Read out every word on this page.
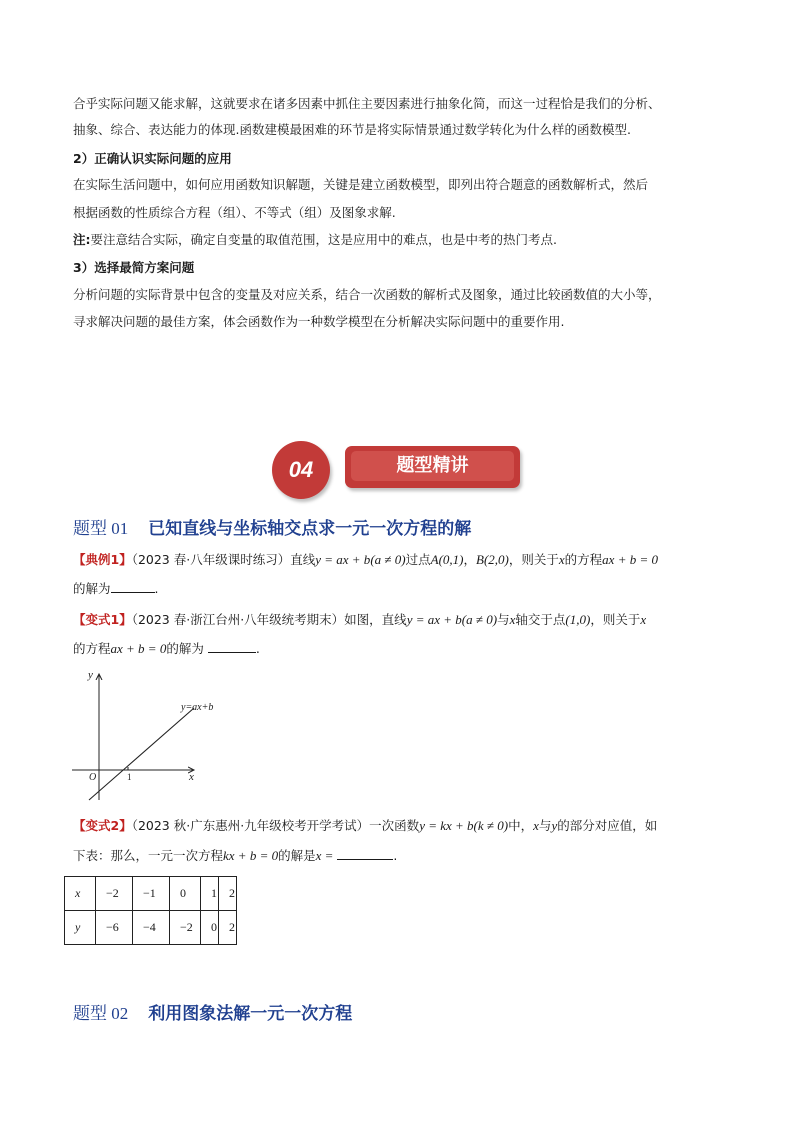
合乎实际问题又能求解，这就要求在诸多因素中抓住主要因素进行抽象化简，而这一过程恰是我们的分析、
抽象、综合、表达能力的体现.函数建模最困难的环节是将实际情景通过数学转化为什么样的函数模型.
2）正确认识实际问题的应用
在实际生活问题中，如何应用函数知识解题，关键是建立函数模型，即列出符合题意的函数解析式，然后
根据函数的性质综合方程（组）、不等式（组）及图象求解.
注:要注意结合实际，确定自变量的取值范围，这是应用中的难点，也是中考的热门考点.
3）选择最简方案问题
分析问题的实际背景中包含的变量及对应关系，结合一次函数的解析式及图象，通过比较函数值的大小等，
寻求解决问题的最佳方案，体会函数作为一种数学模型在分析解决实际问题中的重要作用.
04	题型精讲
题型 01 已知直线与坐标轴交点求一元一次方程的解
【典例1】（2023 春·八年级课时练习）直线y = ax + b(a ≠ 0)过点A(0,1)，B(2,0)，则关于x的方程ax + b = 0
的解为	.
【变式1】（2023 春·浙江台州·八年级统考期末）如图，直线y = ax + b(a ≠ 0)与x轴交于点(1,0)，则关于x
的方程ax + b = 0的解为	.
y
x
O	1
y=ax+b
【变式2】（2023 秋·广东惠州·九年级校考开学考试）一次函数y = kx + b(k ≠ 0)中，x与y的部分对应值，如
下表：那么，一元一次方程kx + b = 0的解是x =	.
x	−2	−1	0	1	2
y	−6	−4	−2	0	2
题型 02 利用图象法解一元一次方程
